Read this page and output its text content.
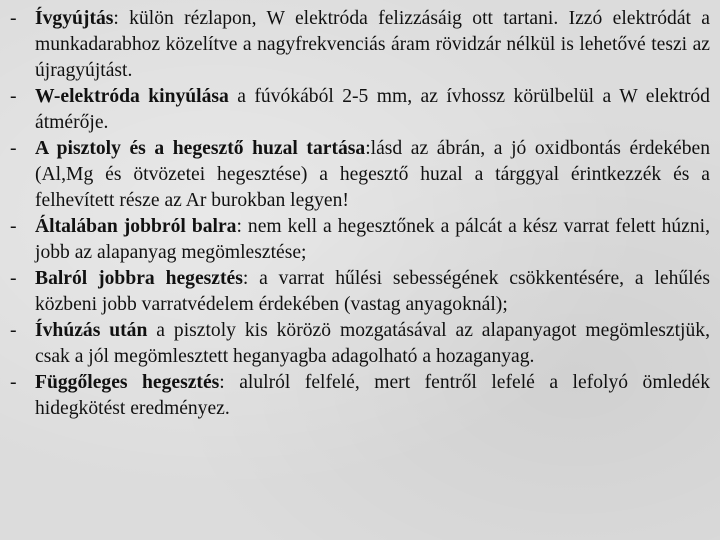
- Ívgyújtás: külön rézlapon, W elektróda felizzásáig ott tartani. Izzó elektródát a munkadarabhoz közelítve a nagyfrekvenciás áram rövidzár nélkül is lehetővé teszi az újragyújtást.
- W-elektróda kinyúlása a fúvókából 2-5 mm, az ívhossz körülbelül a W elektród átmérője.
- A pisztoly és a hegesztő huzal tartása:lásd az ábrán, a jó oxidbontás érdekében (Al,Mg és ötvözetei hegesztése) a hegesztő huzal a tárggyal érintkezzék és a felhevített része az Ar burokban legyen!
- Általában jobbról balra: nem kell a hegesztőnek a pálcát a kész varrat felett húzni, jobb az alapanyag megömlesztése;
- Balról jobbra hegesztés: a varrat hűlési sebességének csökkentésére, a lehűlés közbeni jobb varratvédelem érdekében (vastag anyagoknál);
- Ívhúzás után a pisztoly kis körözö mozgatásával az alapanyagot megömlesztjük, csak a jól megömlesztett heganyagba adagolható a hozaganyag.
- Függőleges hegesztés: alulról felfelé, mert fentről lefelé a lefolyó ömledék hidegkötést eredményez.
